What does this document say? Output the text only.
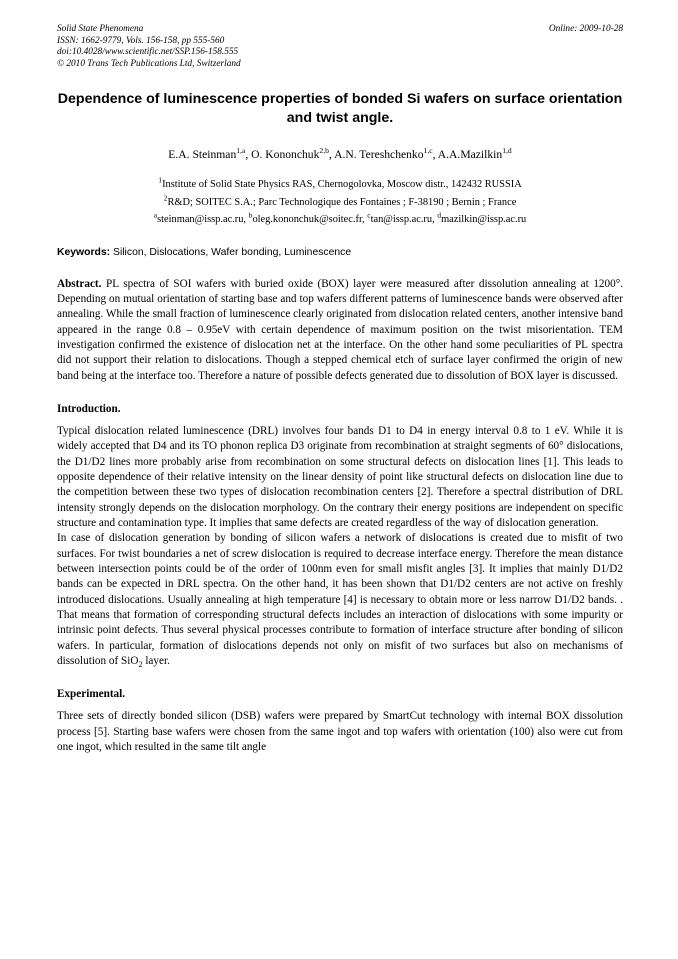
Online: 2009-10-28
Solid State Phenomena
ISSN: 1662-9779, Vols. 156-158, pp 555-560
doi:10.4028/www.scientific.net/SSP.156-158.555
© 2010 Trans Tech Publications Ltd, Switzerland
Dependence of luminescence properties of bonded Si wafers on surface orientation and twist angle.
E.A. Steinman$^{1,a}$, O. Kononchuk$^{2,b}$, A.N. Tereshchenko$^{1,c}$, A.A.Mazilkin$^{1,d}$
$^1$Institute of Solid State Physics RAS, Chernogolovka, Moscow distr., 142432 RUSSIA
$^2$R&D; SOITEC S.A.; Parc Technologique des Fontaines ; F-38190 ; Bernin ; France
$^a$steinman@issp.ac.ru, $^b$oleg.kononchuk@soitec.fr, $^c$tan@issp.ac.ru, $^d$mazilkin@issp.ac.ru
Keywords: Silicon, Dislocations, Wafer bonding, Luminescence
Abstract. PL spectra of SOI wafers with buried oxide (BOX) layer were measured after dissolution annealing at 1200°. Depending on mutual orientation of starting base and top wafers different patterns of luminescence bands were observed after annealing. While the small fraction of luminescence clearly originated from dislocation related centers, another intensive band appeared in the range 0.8 – 0.95eV with certain dependence of maximum position on the twist misorientation. TEM investigation confirmed the existence of dislocation net at the interface. On the other hand some peculiarities of PL spectra did not support their relation to dislocations. Though a stepped chemical etch of surface layer confirmed the origin of new band being at the interface too. Therefore a nature of possible defects generated due to dissolution of BOX layer is discussed.
Introduction.
Typical dislocation related luminescence (DRL) involves four bands D1 to D4 in energy interval 0.8 to 1 eV. While it is widely accepted that D4 and its TO phonon replica D3 originate from recombination at straight segments of 60° dislocations, the D1/D2 lines more probably arise from recombination on some structural defects on dislocation lines [1]. This leads to opposite dependence of their relative intensity on the linear density of point like structural defects on dislocation line due to the competition between these two types of dislocation recombination centers [2]. Therefore a spectral distribution of DRL intensity strongly depends on the dislocation morphology. On the contrary their energy positions are independent on specific structure and contamination type. It implies that same defects are created regardless of the way of dislocation generation.
In case of dislocation generation by bonding of silicon wafers a network of dislocations is created due to misfit of two surfaces. For twist boundaries a net of screw dislocation is required to decrease interface energy. Therefore the mean distance between intersection points could be of the order of 100nm even for small misfit angles [3]. It implies that mainly D1/D2 bands can be expected in DRL spectra. On the other hand, it has been shown that D1/D2 centers are not active on freshly introduced dislocations. Usually annealing at high temperature [4] is necessary to obtain more or less narrow D1/D2 bands. . That means that formation of corresponding structural defects includes an interaction of dislocations with some impurity or intrinsic point defects. Thus several physical processes contribute to formation of interface structure after bonding of silicon wafers. In particular, formation of dislocations depends not only on misfit of two surfaces but also on mechanisms of dissolution of SiO$_2$ layer.
Experimental.
Three sets of directly bonded silicon (DSB) wafers were prepared by SmartCut technology with internal BOX dissolution process [5]. Starting base wafers were chosen from the same ingot and top wafers with orientation (100) also were cut from one ingot, which resulted in the same tilt angle
